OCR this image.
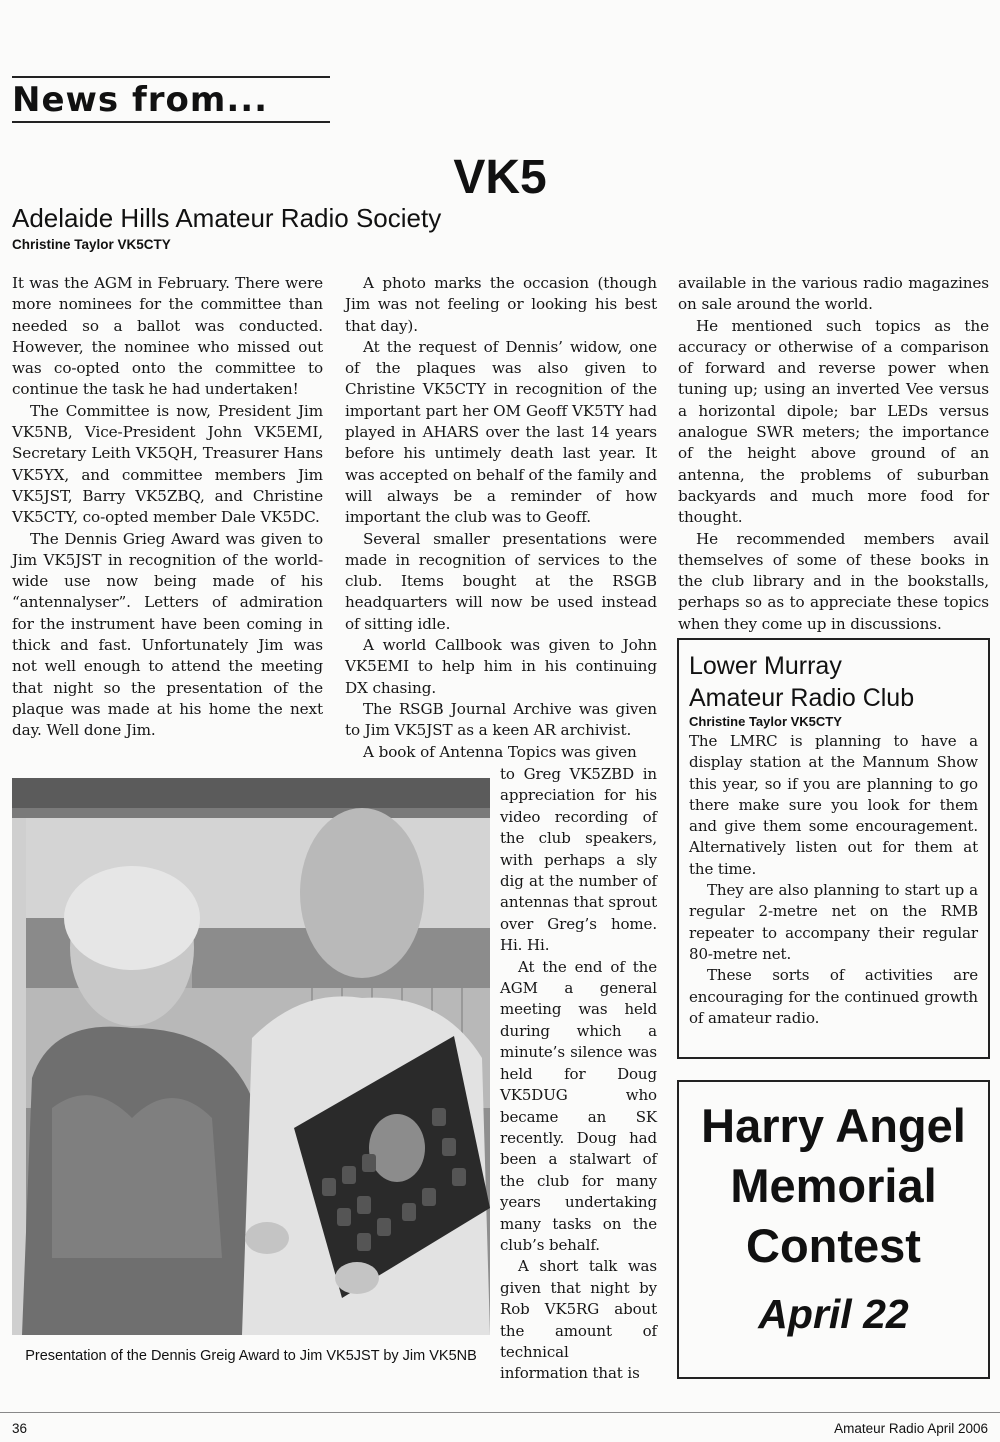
News from...
VK5
Adelaide Hills Amateur Radio Society
Christine Taylor VK5CTY

It was the AGM in February. There were more nominees for the committee than needed so a ballot was conducted. However, the nominee who missed out was co-opted onto the committee to continue the task he had undertaken!

The Committee is now, President Jim VK5NB, Vice-President John VK5EMI, Secretary Leith VK5QH, Treasurer Hans VK5YX, and committee members Jim VK5JST, Barry VK5ZBQ, and Christine VK5CTY, co-opted member Dale VK5DC.

The Dennis Grieg Award was given to Jim VK5JST in recognition of the world-wide use now being made of his “antennalyser”. Letters of admiration for the instrument have been coming in thick and fast. Unfortunately Jim was not well enough to attend the meeting that night so the presentation of the plaque was made at his home the next day. Well done Jim.

A photo marks the occasion (though Jim was not feeling or looking his best that day).

At the request of Dennis’ widow, one of the plaques was also given to Christine VK5CTY in recognition of the important part her OM Geoff VK5TY had played in AHARS over the last 14 years before his untimely death last year. It was accepted on behalf of the family and will always be a reminder of how important the club was to Geoff.

Several smaller presentations were made in recognition of services to the club. Items bought at the RSGB headquarters will now be used instead of sitting idle.

A world Callbook was given to John VK5EMI to help him in his continuing DX chasing.

The RSGB Journal Archive was given to Jim VK5JST as a keen AR archivist.

A book of Antenna Topics was given

to Greg VK5ZBD in appreciation for his video recording of the club speakers, with perhaps a sly dig at the number of antennas that sprout over Greg’s home. Hi. Hi.

At the end of the AGM a general meeting was held during which a minute’s silence was held for Doug VK5DUG who became an SK recently. Doug had been a stalwart of the club for many years undertaking many tasks on the club’s behalf.

A short talk was given that night by Rob VK5RG about the amount of technical information that is

Presentation of the Dennis Greig Award to Jim VK5JST by Jim VK5NB

available in the various radio magazines on sale around the world.

He mentioned such topics as the accuracy or otherwise of a comparison of forward and reverse power when tuning up; using an inverted Vee versus a horizontal dipole; bar LEDs versus analogue SWR meters; the importance of the height above ground of an antenna, the problems of suburban backyards and much more food for thought.

He recommended members avail themselves of some of these books in the club library and in the bookstalls, perhaps so as to appreciate these topics when they come up in discussions.

Lower Murray
Amateur Radio Club
Christine Taylor VK5CTY

The LMRC is planning to have a display station at the Mannum Show this year, so if you are planning to go there make sure you look for them and give them some encouragement. Alternatively listen out for them at the time.

They are also planning to start up a regular 2-metre net on the RMB repeater to accompany their regular 80-metre net.

These sorts of activities are encouraging for the continued growth of amateur radio.

Harry Angel
Memorial
Contest
April 22
36	Amateur Radio April 2006
